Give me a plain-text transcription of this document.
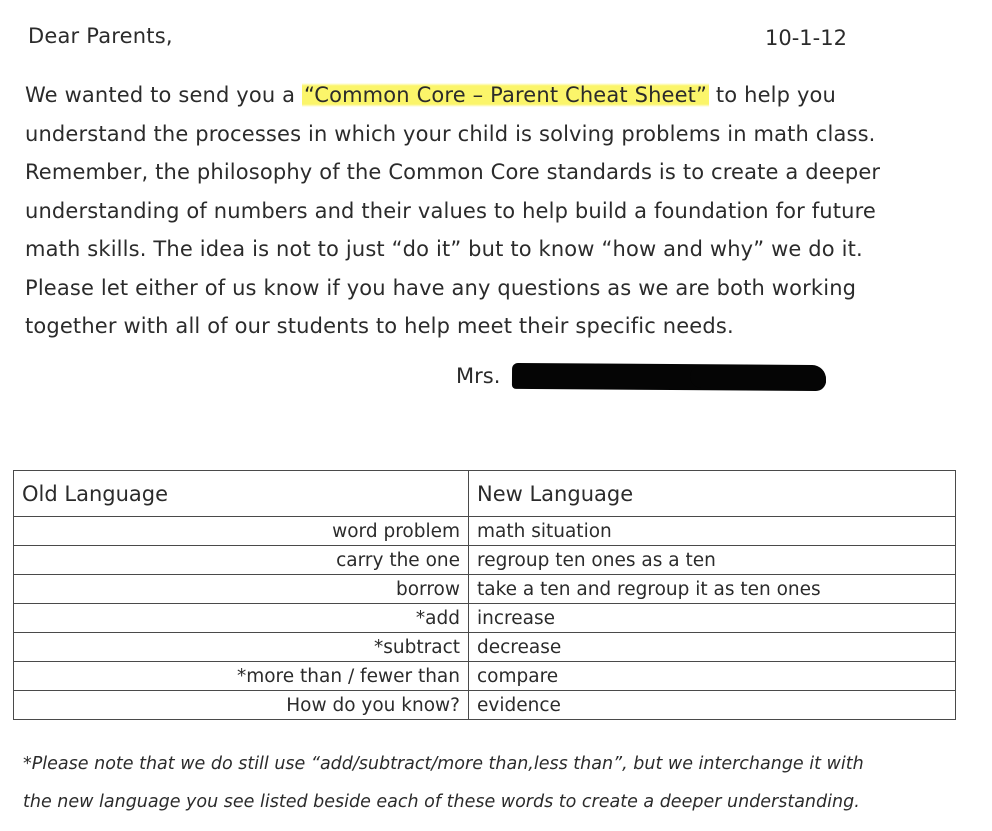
Dear Parents,	10-1-12
We wanted to send you a “Common Core – Parent Cheat Sheet” to help you
understand the processes in which your child is solving problems in math class.
Remember, the philosophy of the Common Core standards is to create a deeper
understanding of numbers and their values to help build a foundation for future
math skills. The idea is not to just “do it” but to know “how and why” we do it.
Please let either of us know if you have any questions as we are both working
together with all of our students to help meet their specific needs.
Mrs.
Old Language	New Language
word problem	math situation
carry the one	regroup ten ones as a ten
borrow	take a ten and regroup it as ten ones
*add	increase
*subtract	decrease
*more than / fewer than	compare
How do you know?	evidence
*Please note that we do still use “add/subtract/more than,less than”, but we interchange it with
the new language you see listed beside each of these words to create a deeper understanding.
